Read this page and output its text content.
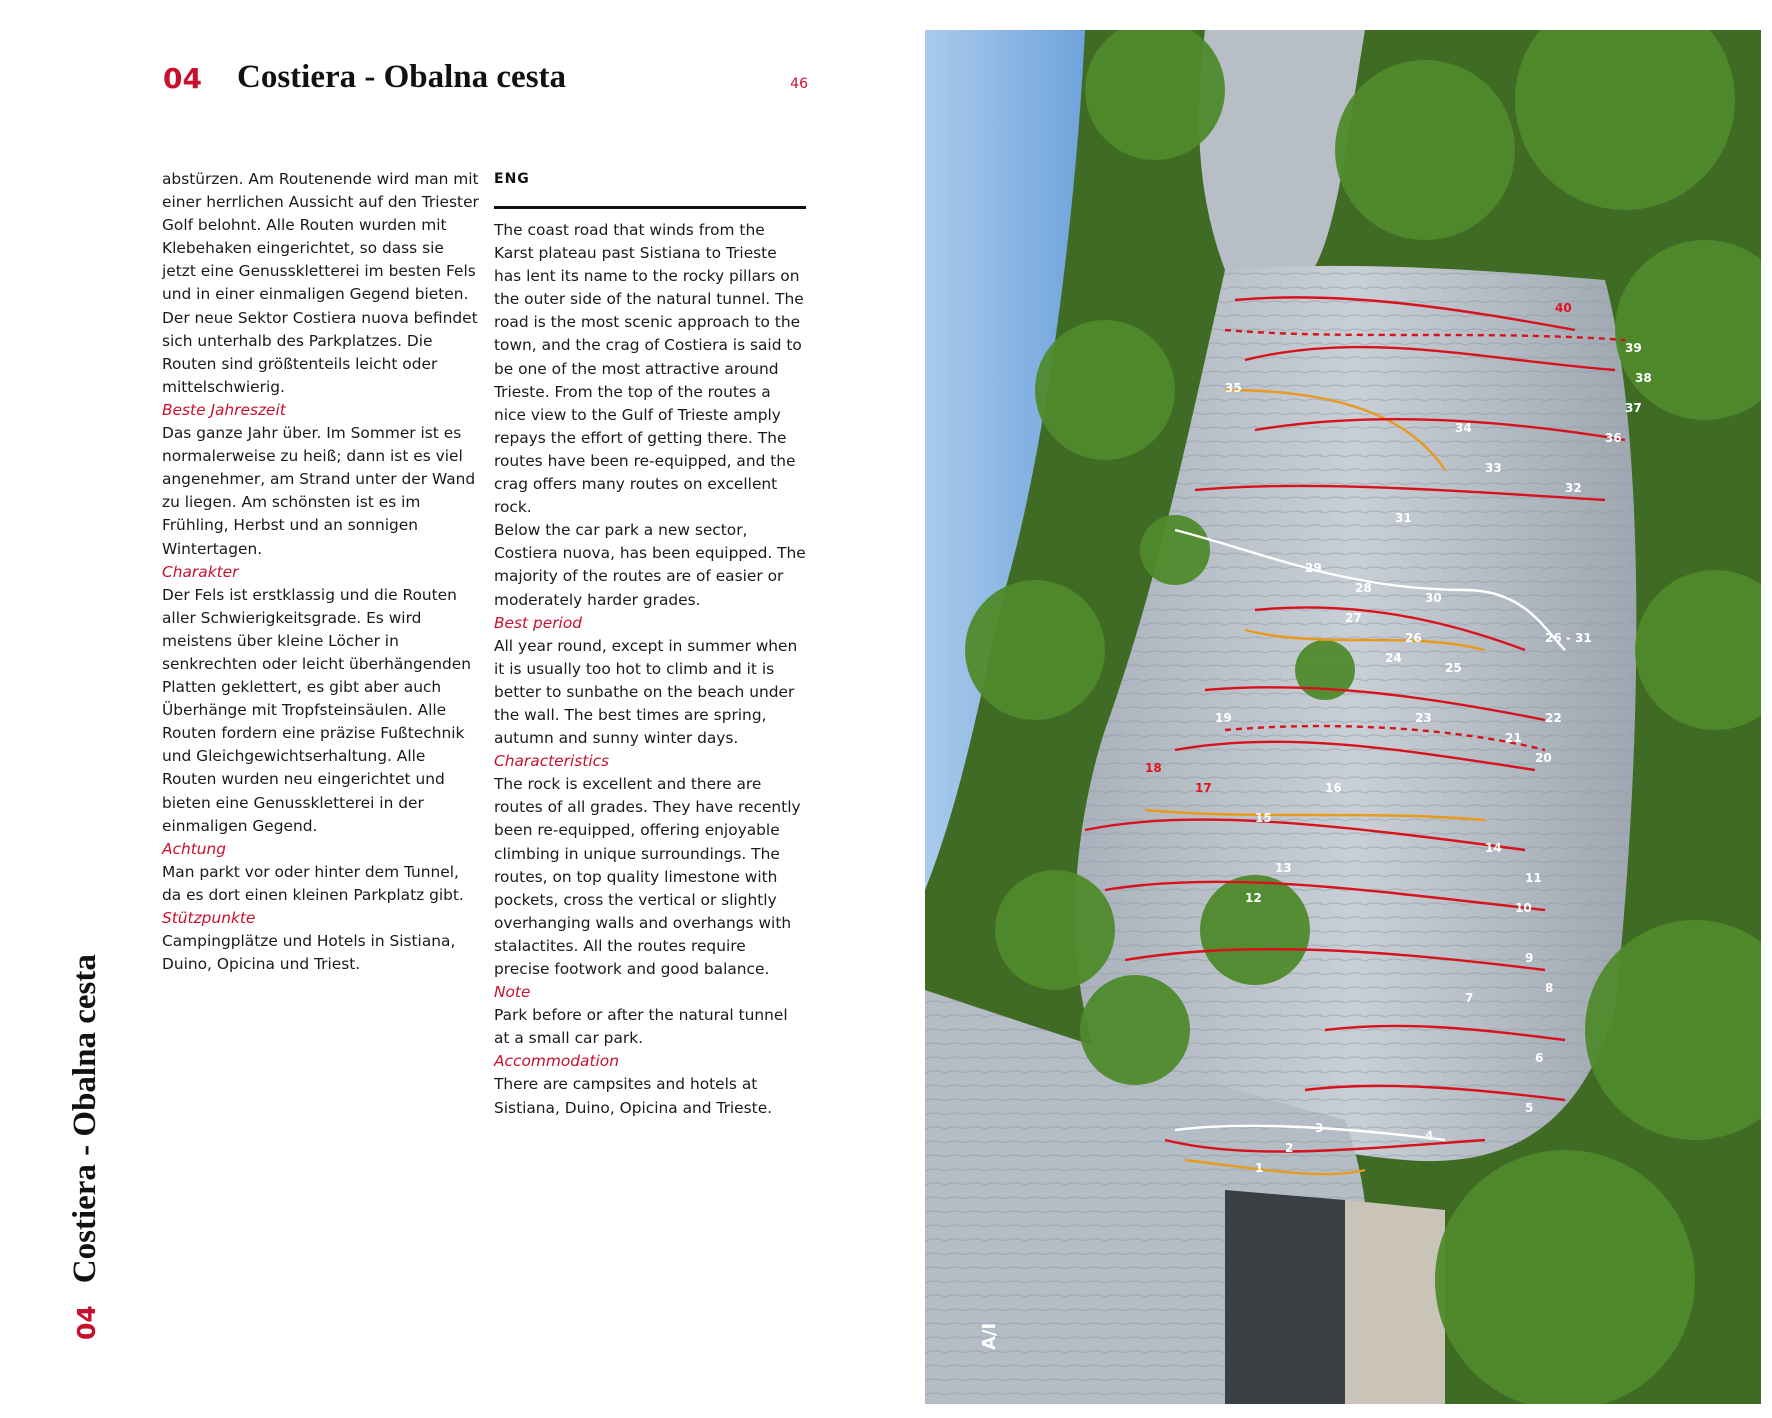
04 Costiera - Obalna cesta	46

abstürzen. Am Routenende wird man mit einer herrlichen Aussicht auf den Triester Golf belohnt. Alle Routen wurden mit Klebehaken eingerichtet, so dass sie jetzt eine Genusskletterei im besten Fels und in einer einmaligen Gegend bieten.

Der neue Sektor Costiera nuova befindet sich unterhalb des Parkplatzes. Die Routen sind größtenteils leicht oder mittelschwierig.

Beste Jahreszeit

Das ganze Jahr über. Im Sommer ist es normalerweise zu heiß; dann ist es viel angenehmer, am Strand unter der Wand zu liegen. Am schönsten ist es im Frühling, Herbst und an sonnigen Wintertagen.

Charakter

Der Fels ist erstklassig und die Routen aller Schwierigkeitsgrade. Es wird meistens über kleine Löcher in senkrechten oder leicht überhängenden Platten geklettert, es gibt aber auch Überhänge mit Tropfsteinsäulen. Alle Routen fordern eine präzise Fußtechnik und Gleichgewichtserhaltung. Alle Routen wurden neu eingerichtet und bieten eine Genusskletterei in der einmaligen Gegend.

Achtung

Man parkt vor oder hinter dem Tunnel, da es dort einen kleinen Parkplatz gibt.

Stützpunkte

Campingplätze und Hotels in Sistiana, Duino, Opicina und Triest.

ENG

The coast road that winds from the Karst plateau past Sistiana to Trieste has lent its name to the rocky pillars on the outer side of the natural tunnel. The road is the most scenic approach to the town, and the crag of Costiera is said to be one of the most attractive around Trieste. From the top of the routes a nice view to the Gulf of Trieste amply repays the effort of getting there. The routes have been re-equipped, and the crag offers many routes on excellent rock.

Below the car park a new sector, Costiera nuova, has been equipped. The majority of the routes are of easier or moderately harder grades.

Best period

All year round, except in summer when it is usually too hot to climb and it is better to sunbathe on the beach under the wall. The best times are spring, autumn and sunny winter days.

Characteristics

The rock is excellent and there are routes of all grades. They have recently been re-equipped, offering enjoyable climbing in unique surroundings. The routes, on top quality limestone with pockets, cross the vertical or slightly overhanging walls and overhangs with stalactites. All the routes require precise footwork and good balance.

Note

Park before or after the natural tunnel at a small car park.

Accommodation

There are campsites and hotels at Sistiana, Duino, Opicina and Trieste.

04Costiera - Obalna cesta	1
2
3
4
5
6
7
8
9
10
11
12
13
14
15
16
17
18
19
20
21
22
23
24
25
26
27
28
29
30
31
32
33
34
35
36
37
38
39
40
26 - 31
A/I
